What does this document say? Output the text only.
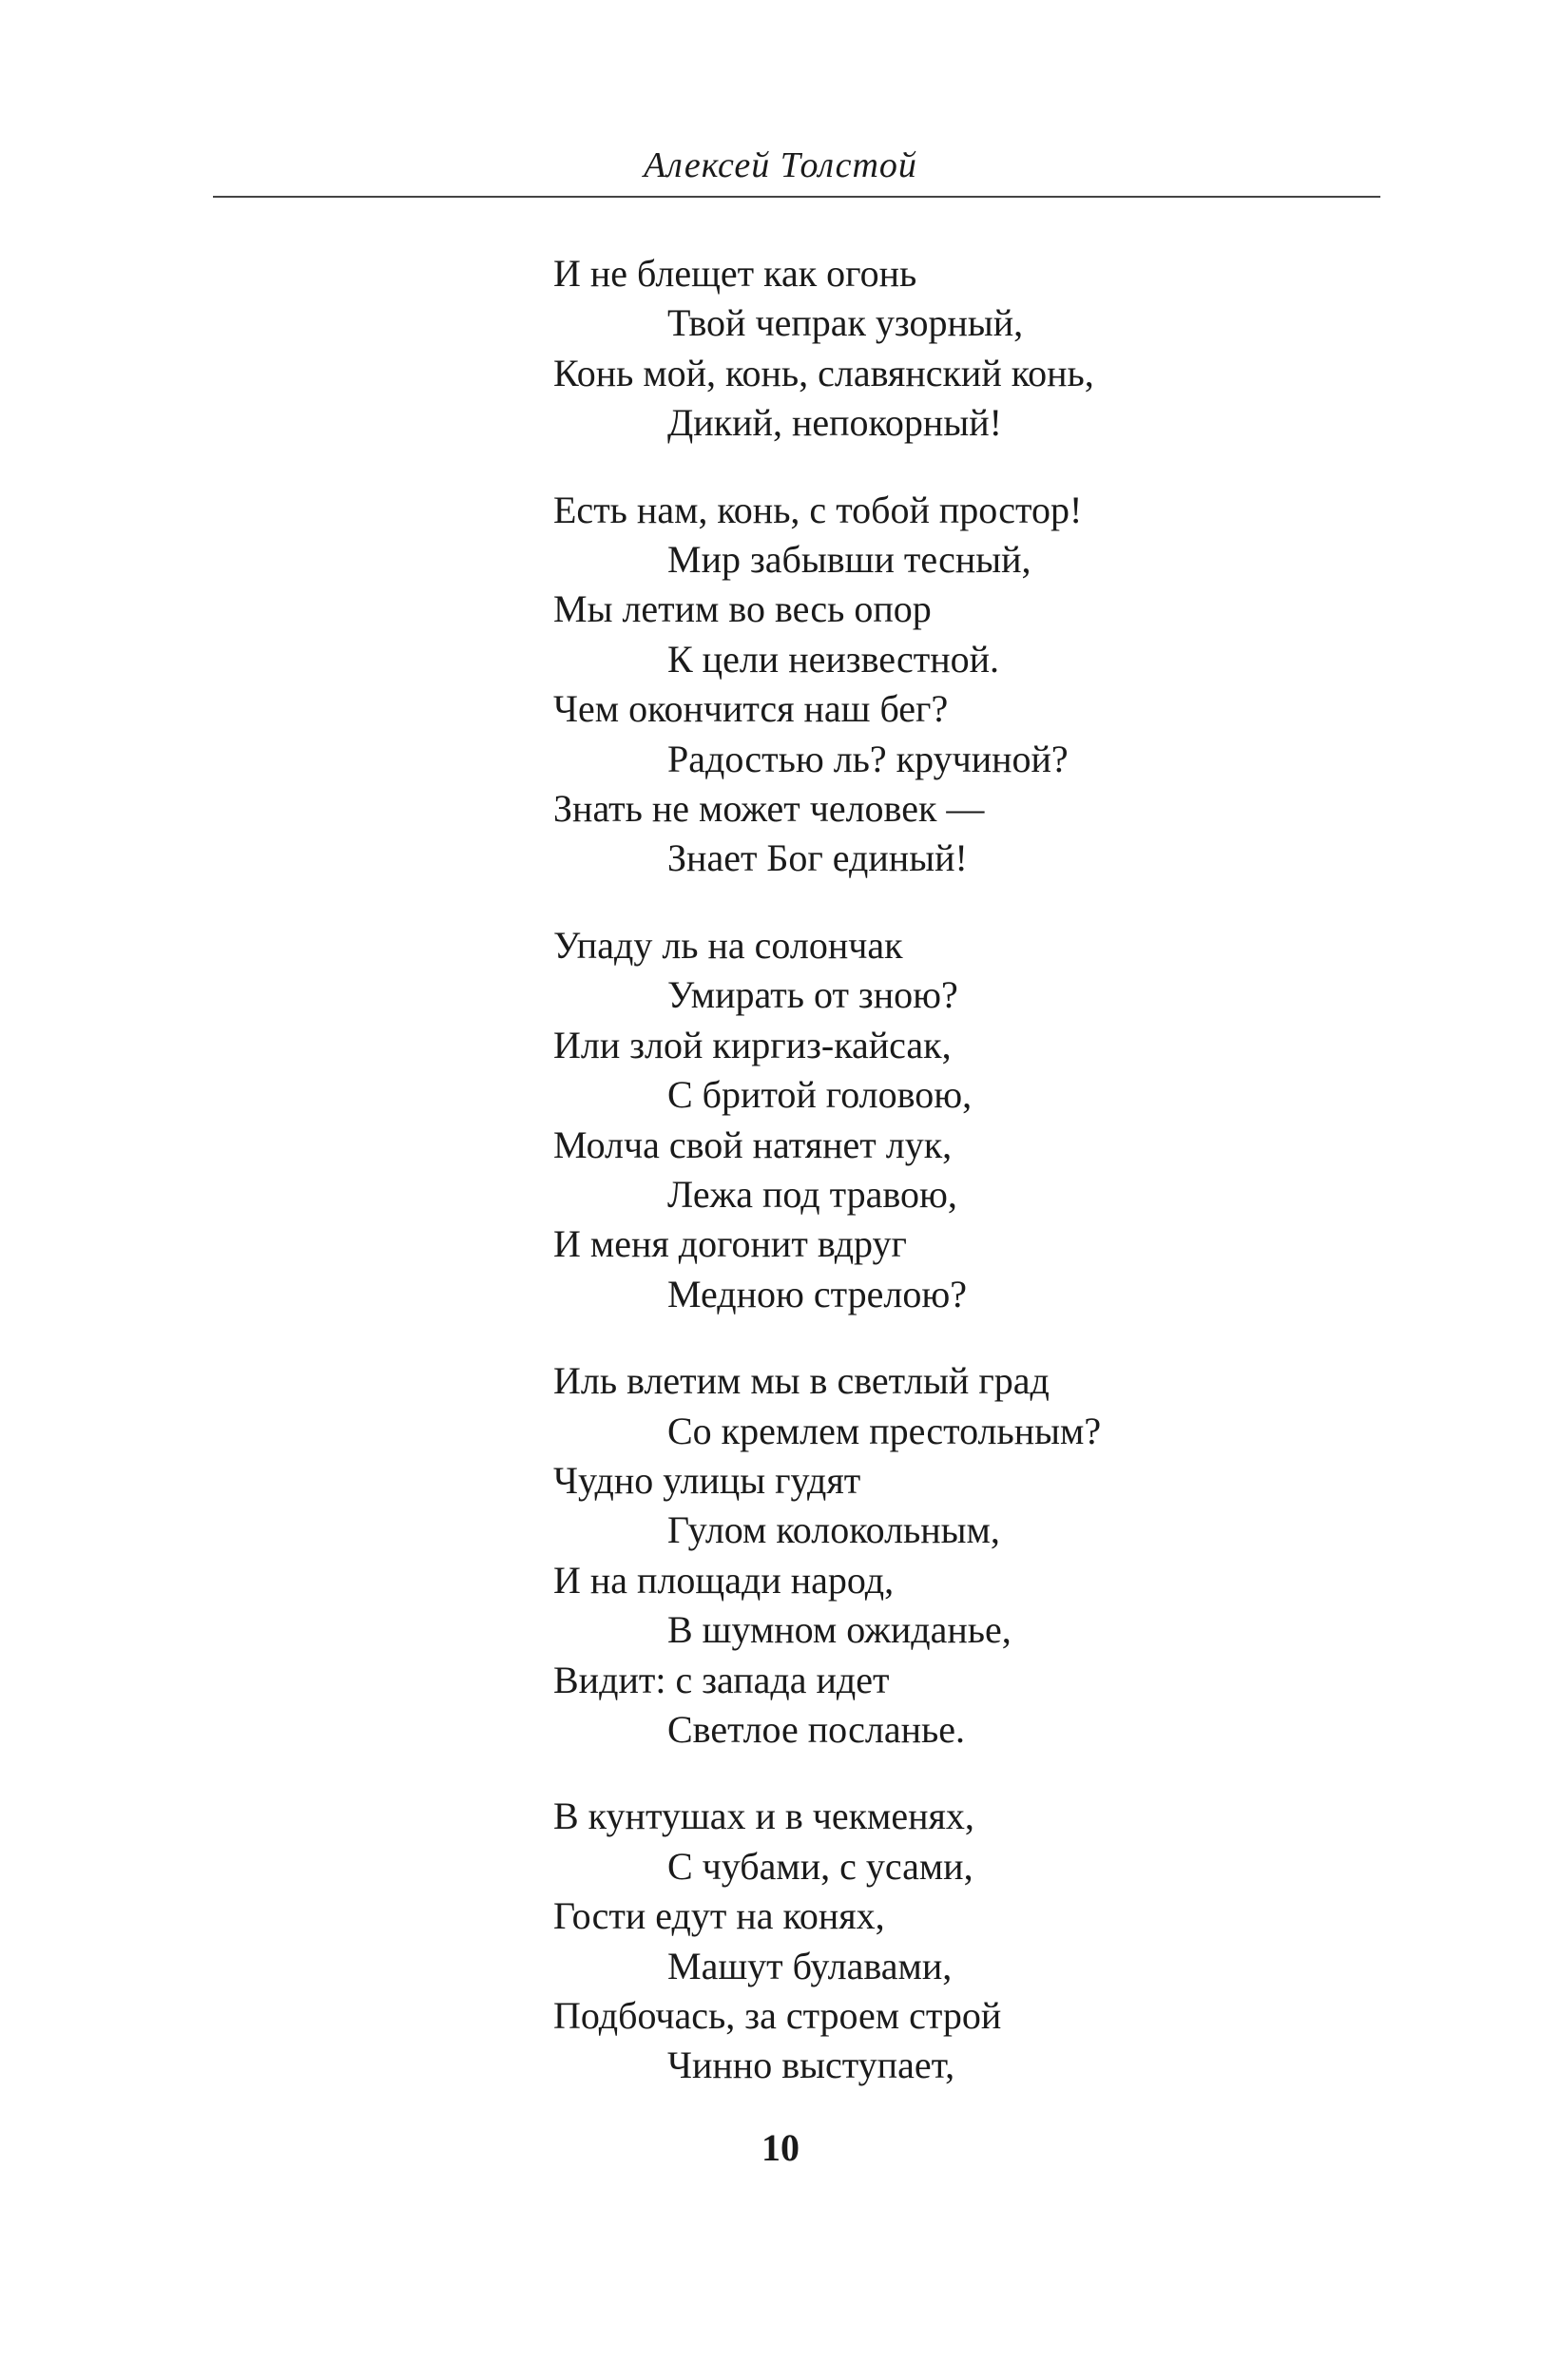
Алексей Толстой
И не блещет как огонь
Твой чепрак узорный,
Конь мой, конь, славянский конь,
Дикий, непокорный!
Есть нам, конь, с тобой простор!
Мир забывши тесный,
Мы летим во весь опор
К цели неизвестной.
Чем окончится наш бег?
Радостью ль? кручиной?
Знать не может человек —
Знает Бог единый!
Упаду ль на солончак
Умирать от зною?
Или злой киргиз-кайсак,
С бритой головою,
Молча свой натянет лук,
Лежа под травою,
И меня догонит вдруг
Медною стрелою?
Иль влетим мы в светлый град
Со кремлем престольным?
Чудно улицы гудят
Гулом колокольным,
И на площади народ,
В шумном ожиданье,
Видит: с запада идет
Светлое посланье.
В кунтушах и в чекменях,
С чубами, с усами,
Гости едут на конях,
Машут булавами,
Подбочась, за строем строй
Чинно выступает,
10
